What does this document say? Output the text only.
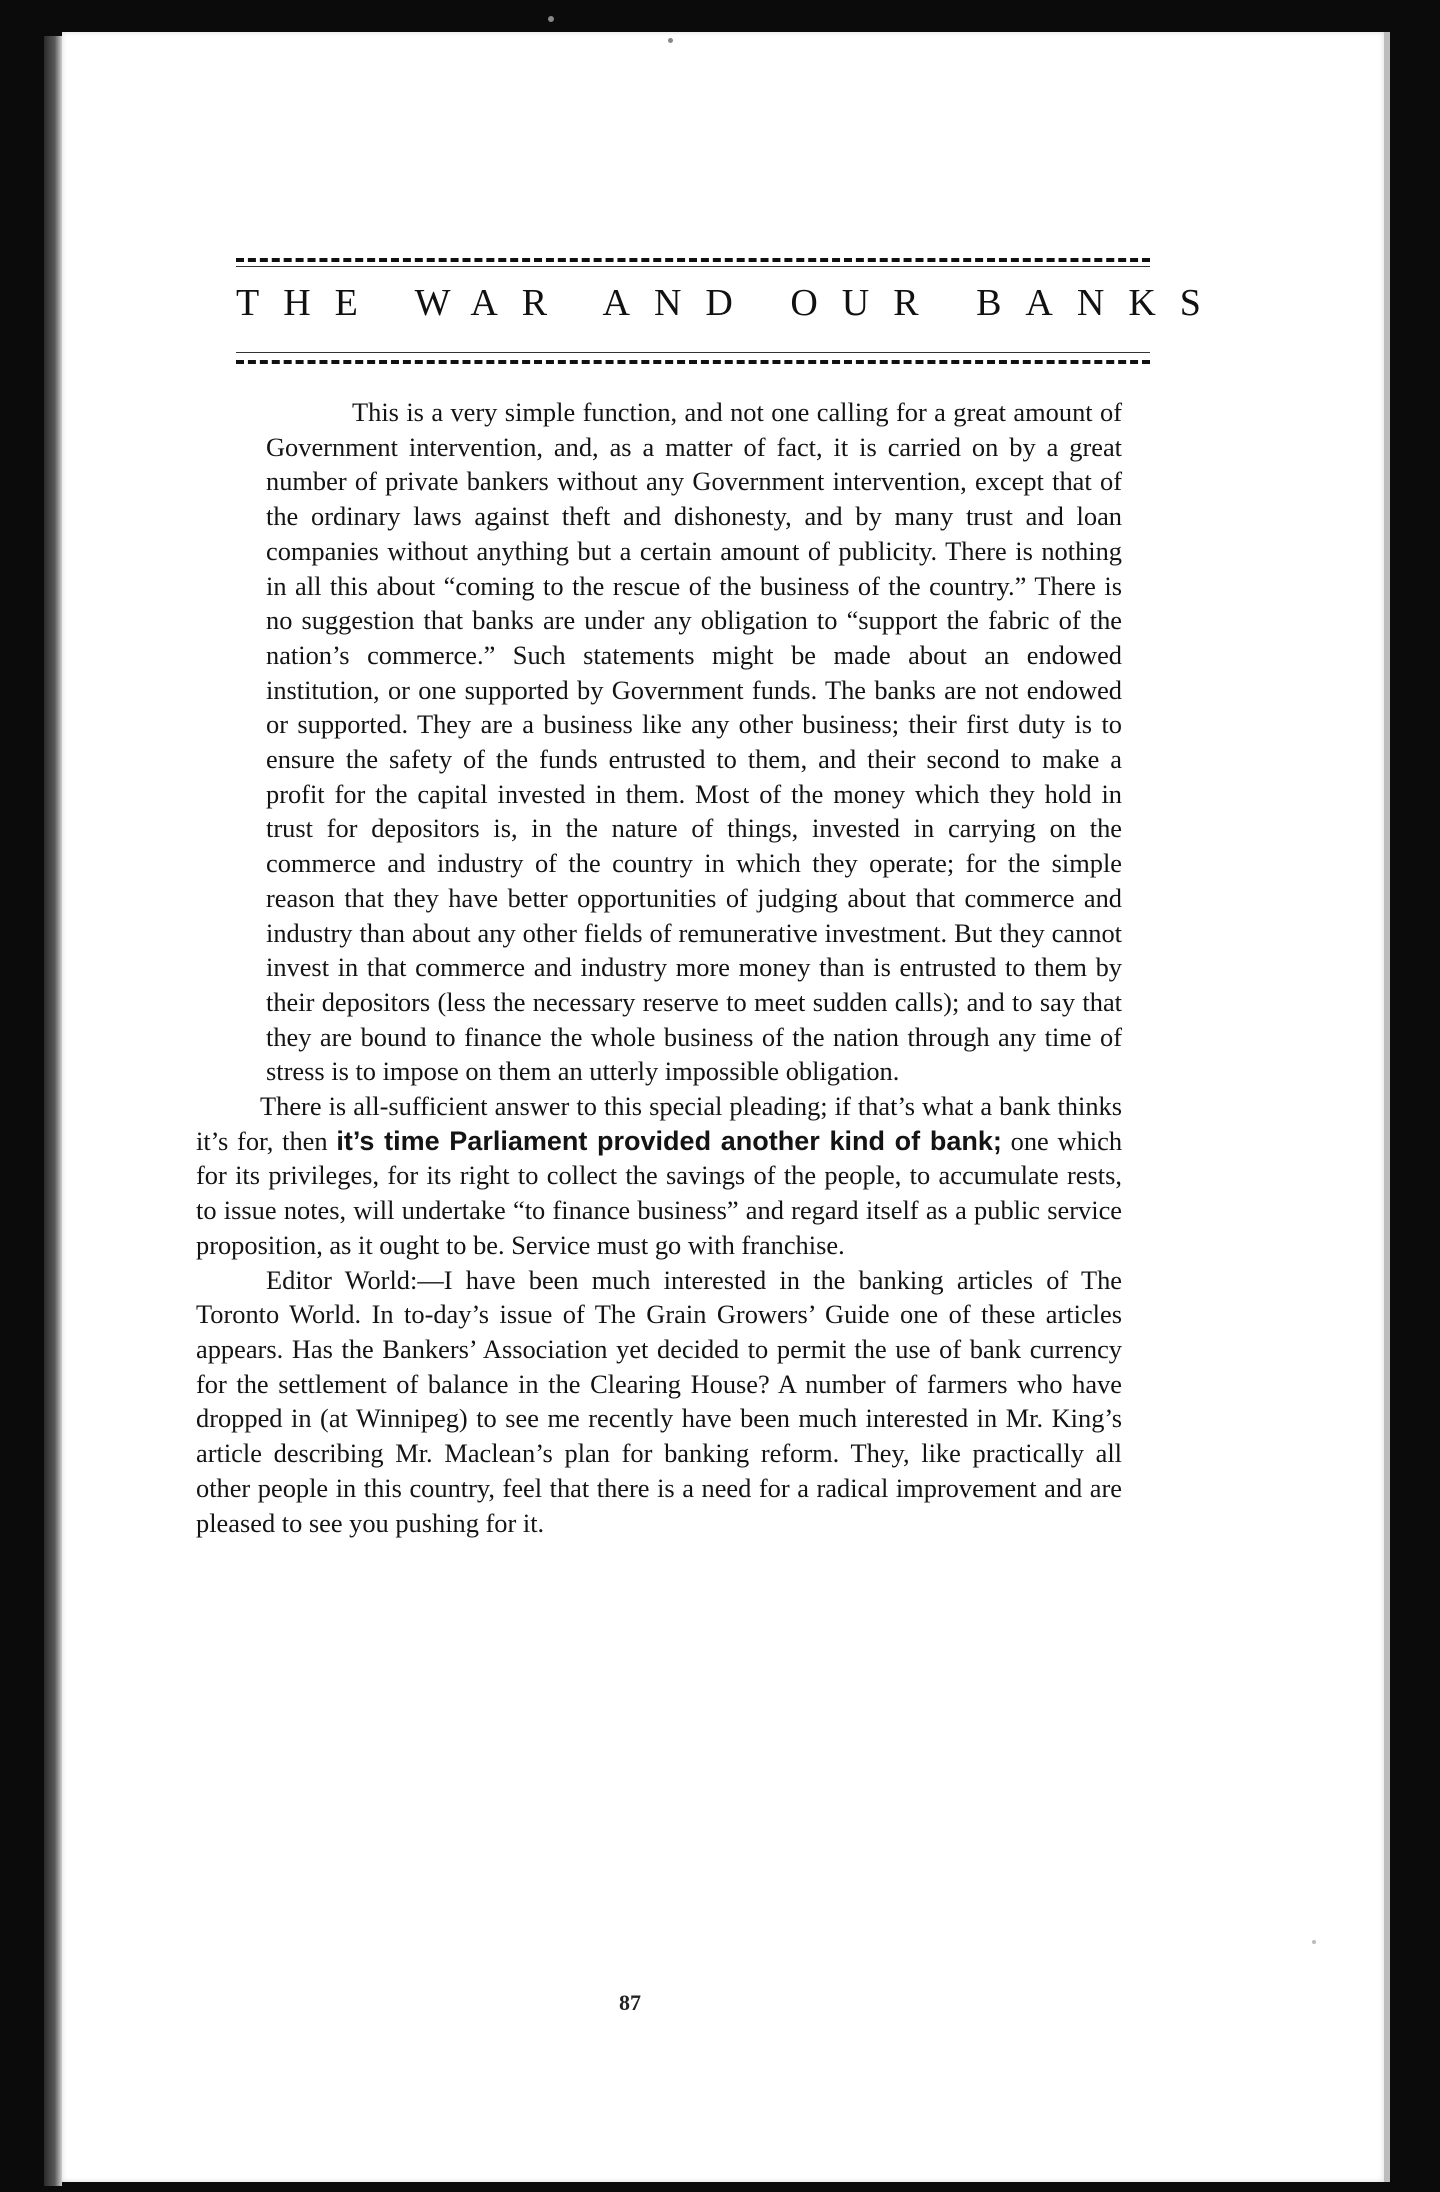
THE WAR AND OUR BANKS

This is a very simple function, and not one calling for a great amount of Government intervention, and, as a matter of fact, it is carried on by a great number of private bankers without any Government intervention, except that of the ordinary laws against theft and dishonesty, and by many trust and loan companies without anything but a certain amount of publicity. There is nothing in all this about “coming to the rescue of the business of the country.” There is no suggestion that banks are under any obligation to “support the fabric of the nation’s commerce.” Such statements might be made about an endowed institution, or one supported by Government funds. The banks are not endowed or supported. They are a business like any other business; their first duty is to ensure the safety of the funds entrusted to them, and their second to make a profit for the capital invested in them. Most of the money which they hold in trust for depositors is, in the nature of things, invested in carrying on the commerce and industry of the country in which they operate; for the simple reason that they have better opportunities of judging about that commerce and industry than about any other fields of remunerative investment. But they cannot invest in that commerce and industry more money than is entrusted to them by their depositors (less the necessary reserve to meet sudden calls); and to say that they are bound to finance the whole business of the nation through any time of stress is to impose on them an utterly impossible obligation.

There is all-sufficient answer to this special pleading; if that’s what a bank thinks it’s for, then it’s time Parliament provided another kind of bank; one which for its privileges, for its right to collect the savings of the people, to accumulate rests, to issue notes, will undertake “to finance business” and regard itself as a public service proposition, as it ought to be. Service must go with franchise.

Editor World:—I have been much interested in the banking articles of The Toronto World. In to-day’s issue of The Grain Growers’ Guide one of these articles appears. Has the Bankers’ Association yet decided to permit the use of bank currency for the settlement of balance in the Clearing House? A number of farmers who have dropped in (at Winnipeg) to see me recently have been much interested in Mr. King’s article describing Mr. Maclean’s plan for banking reform. They, like practically all other people in this country, feel that there is a need for a radical improvement and are pleased to see you pushing for it.

87
